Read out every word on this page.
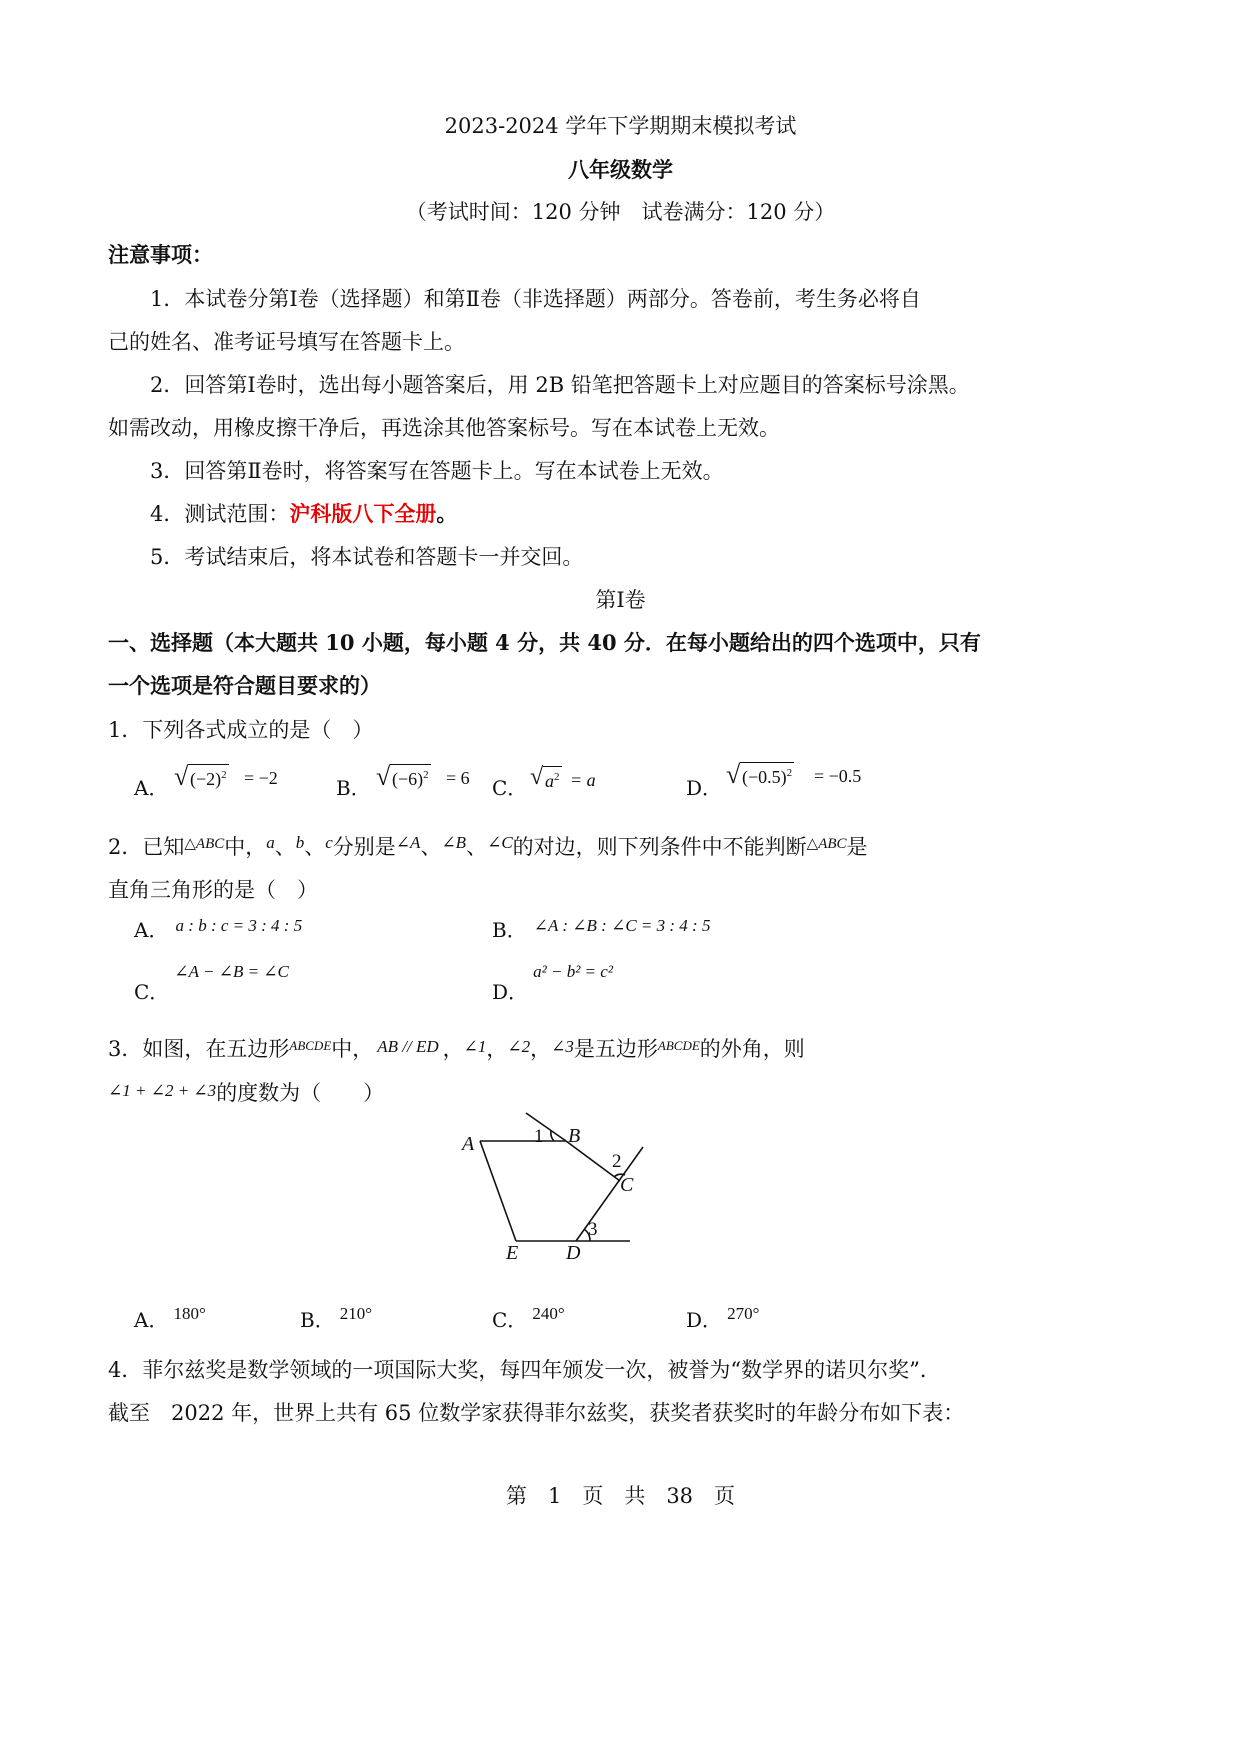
2023-2024 学年下学期期末模拟考试
八年级数学
（考试时间：120 分钟　试卷满分：120 分）
注意事项：
1．本试卷分第Ⅰ卷（选择题）和第Ⅱ卷（非选择题）两部分。答卷前，考生务必将自
己的姓名、准考证号填写在答题卡上。
2．回答第Ⅰ卷时，选出每小题答案后，用 2B 铅笔把答题卡上对应题目的答案标号涂黑。
如需改动，用橡皮擦干净后，再选涂其他答案标号。写在本试卷上无效。
3．回答第Ⅱ卷时，将答案写在答题卡上。写在本试卷上无效。
4．测试范围：沪科版八下全册。
5．考试结束后，将本试卷和答题卡一并交回。
第Ⅰ卷
一、选择题（本大题共 10 小题，每小题 4 分，共 40 分．在每小题给出的四个选项中，只有
一个选项是符合题目要求的）
1．下列各式成立的是（　）
A． √ $(-2)^2 = -2$	B． √ $(-6)^2 = 6$ C． √ $a^2 = a$	D． √ $(-0.5)^2 = -0.5$
2．已知$^{\triangle ABC}$中，$^a$、$^b$、$^c$分别是$^{\angle A}$、$^{\angle B}$、$^{\angle C}$的对边，则下列条件中不能判断$^{\triangle ABC}$是
直角三角形的是（　）
A． a : b : c = 3 : 4 : 5	B． ∠A : ∠B : ∠C = 3 : 4 : 5
C． ∠A − ∠B = ∠C
D． a² − b² = c²
3．如图，在五边形$^{ABCDE}$中， AB // ED ，∠1，∠2，∠3是五边形$^{ABCDE}$的外角，则
∠1 + ∠2 + ∠3的度数为（　　）
A	B
C
D
E
1
2
3
A． 180°	B． 210°	C． 240°	D． 270°
4．菲尔兹奖是数学领域的一项国际大奖，每四年颁发一次，被誉为“数学界的诺贝尔奖”．
截至　2022 年，世界上共有 65 位数学家获得菲尔兹奖，获奖者获奖时的年龄分布如下表：
第　1　页　共　38　页
